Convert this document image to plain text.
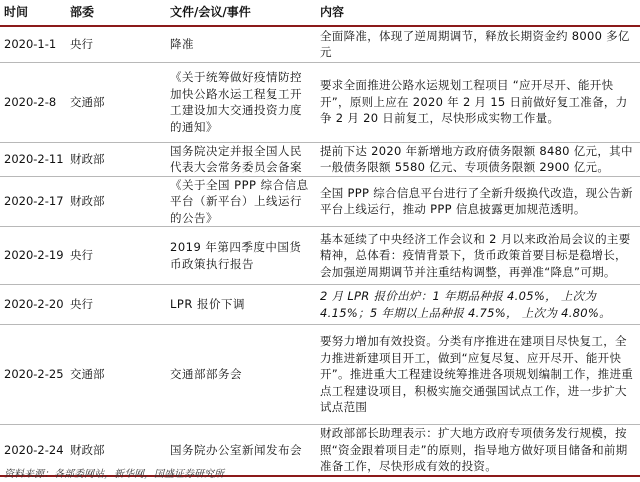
时间	部委	文件/会议/事件	内容
2020-1-1	央行	降准	全面降准，体现了逆周期调节，释放长期资金约 8000 多亿元
2020-2-8	交通部	《关于统筹做好疫情防控加快公路水运工程复工开工建设加大交通投资力度的通知》	要求全面推进公路水运规划工程项目 “应开尽开、能开快开”，原则上应在 2020 年 2 月 15 日前做好复工准备，力争 2 月 20 日前复工，尽快形成实物工作量。
2020-2-11	财政部	国务院决定并报全国人民代表大会常务委员会备案	提前下达 2020 年新增地方政府债务限额 8480 亿元，其中一般债务限额 5580 亿元、专项债务限额 2900 亿元。
2020-2-17	财政部	《关于全国 PPP 综合信息平台（新平台）上线运行的公告》	全国 PPP 综合信息平台进行了全新升级换代改造，现公告新平台上线运行，推动 PPP 信息披露更加规范透明。
2020-2-19	央行	2019 年第四季度中国货币政策执行报告	基本延续了中央经济工作会议和 2 月以来政治局会议的主要精神，总体看：疫情背景下，货币政策首要目标是稳增长，会加强逆周期调节并注重结构调整，再弹准“降息”可期。
2020-2-20	央行	LPR 报价下调	2 月 LPR 报价出炉：1 年期品种报 4.05%， 上次为 4.15%；5 年期以上品种报 4.75%， 上次为 4.80%。
2020-2-25	交通部	交通部部务会	要努力增加有效投资。分类有序推进在建项目尽快复工，全力推进新建项目开工，做到“应复尽复、应开尽开、能开快开”。推进重大工程建设统筹推进各项规划编制工作，推进重点工程建设项目，积极实施交通强国试点工作，进一步扩大试点范围
2020-2-24	财政部	国务院办公室新闻发布会	财政部部长助理表示：扩大地方政府专项债务发行规模，按照“资金跟着项目走”的原则，指导地方做好项目储备和前期准备工作，尽快形成有效的投资。
资料来源：各部委网站，新华网，国盛证券研究所
